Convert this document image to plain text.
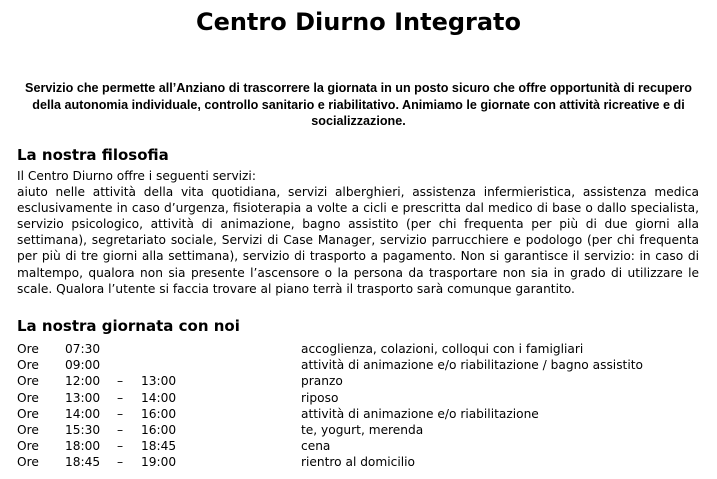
Centro Diurno Integrato
Servizio che permette all’Anziano di trascorrere la giornata in un posto sicuro che offre opportunità di recupero della autonomia individuale, controllo sanitario e riabilitativo. Animiamo le giornate con attività ricreative e di socializzazione.
La nostra filosofia

Il Centro Diurno offre i seguenti servizi:

aiuto nelle attività della vita quotidiana, servizi alberghieri, assistenza infermieristica, assistenza medica esclusivamente in caso d’urgenza, fisioterapia a volte a cicli e prescritta dal medico di base o dallo specialista, servizio psicologico, attività di animazione, bagno assistito (per chi frequenta per più di due giorni alla settimana), segretariato sociale, Servizi di Case Manager, servizio parrucchiere e podologo (per chi frequenta per più di tre giorni alla settimana), servizio di trasporto a pagamento. Non si garantisce il servizio: in caso di maltempo, qualora non sia presente l’ascensore o la persona da trasportare non sia in grado di utilizzare le scale. Qualora l’utente si faccia trovare al piano terrà il trasporto sarà comunque garantito.

La nostra giornata con noi
Ore 07:30	accoglienza, colazioni, colloqui con i famigliari
Ore 09:00	attività di animazione e/o riabilitazione / bagno assistito
Ore 12:00 – 13:00	pranzo
Ore 13:00 – 14:00	riposo
Ore 14:00 – 16:00	attività di animazione e/o riabilitazione
Ore 15:30 – 16:00	te, yogurt, merenda
Ore 18:00 – 18:45	cena
Ore 18:45 – 19:00	rientro al domicilio
